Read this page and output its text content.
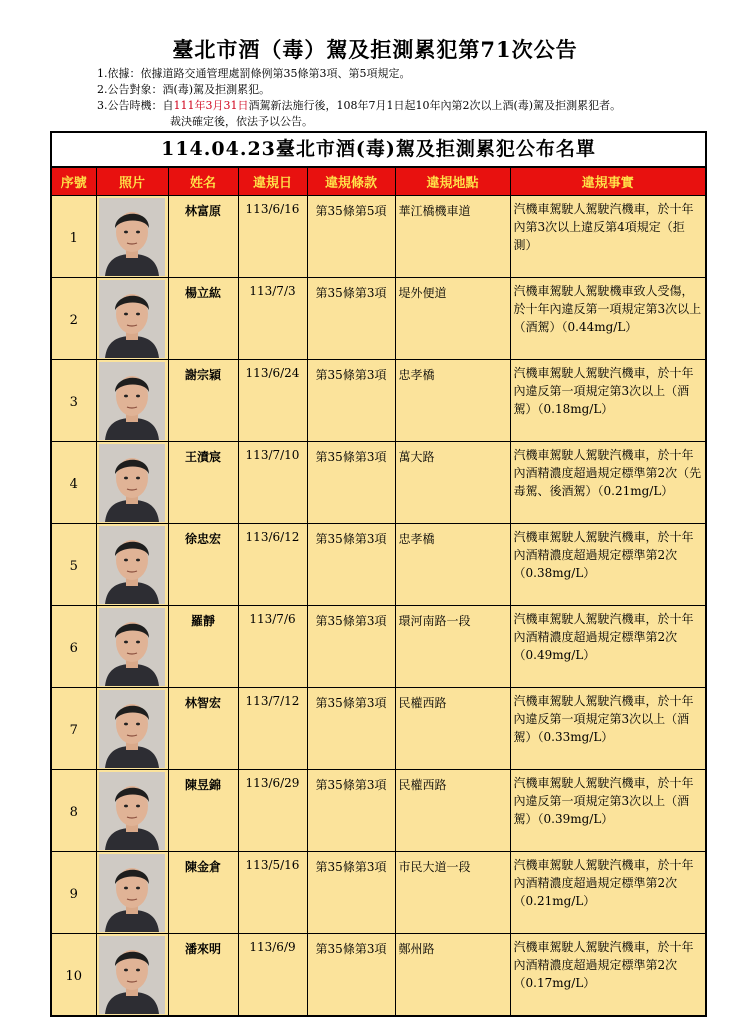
臺北市酒（毒）駕及拒測累犯第71次公告
1.依據：依據道路交通管理處罰條例第35條第3項、第5項規定。
2.公告對象：酒(毒)駕及拒測累犯。
3.公告時機：自111年3月31日酒駕新法施行後，108年7月1日起10年內第2次以上酒(毒)駕及拒測累犯者。
裁決確定後，依法予以公告。
114.04.23臺北市酒(毒)駕及拒測累犯公布名單
序號	照片	姓名	違規日	違規條款	違規地點	違規事實
1		林富原	113/6/16	第35條第5項	華江橋機車道	汽機車駕駛人駕駛汽機車，於十年內第3次以上違反第4項規定（拒測）
2		楊立紘	113/7/3	第35條第3項	堤外便道	汽機車駕駛人駕駛機車致人受傷，於十年內違反第一項規定第3次以上（酒駕）（0.44mg/L）
3		謝宗穎	113/6/24	第35條第3項	忠孝橋	汽機車駕駛人駕駛汽機車，於十年內違反第一項規定第3次以上（酒駕）（0.18mg/L）
4		王濆宸	113/7/10	第35條第3項	萬大路	汽機車駕駛人駕駛汽機車，於十年內酒精濃度超過規定標準第2次（先毒駕、後酒駕）（0.21mg/L）
5		徐忠宏	113/6/12	第35條第3項	忠孝橋	汽機車駕駛人駕駛汽機車，於十年內酒精濃度超過規定標準第2次（0.38mg/L）
6		羅靜	113/7/6	第35條第3項	環河南路一段	汽機車駕駛人駕駛汽機車，於十年內酒精濃度超過規定標準第2次（0.49mg/L）
7		林智宏	113/7/12	第35條第3項	民權西路	汽機車駕駛人駕駛汽機車，於十年內違反第一項規定第3次以上（酒駕）（0.33mg/L）
8		陳昱錦	113/6/29	第35條第3項	民權西路	汽機車駕駛人駕駛汽機車，於十年內違反第一項規定第3次以上（酒駕）（0.39mg/L）
9		陳金倉	113/5/16	第35條第3項	市民大道一段	汽機車駕駛人駕駛汽機車，於十年內酒精濃度超過規定標準第2次（0.21mg/L）
10		潘來明	113/6/9	第35條第3項	鄭州路	汽機車駕駛人駕駛汽機車，於十年內酒精濃度超過規定標準第2次（0.17mg/L）
